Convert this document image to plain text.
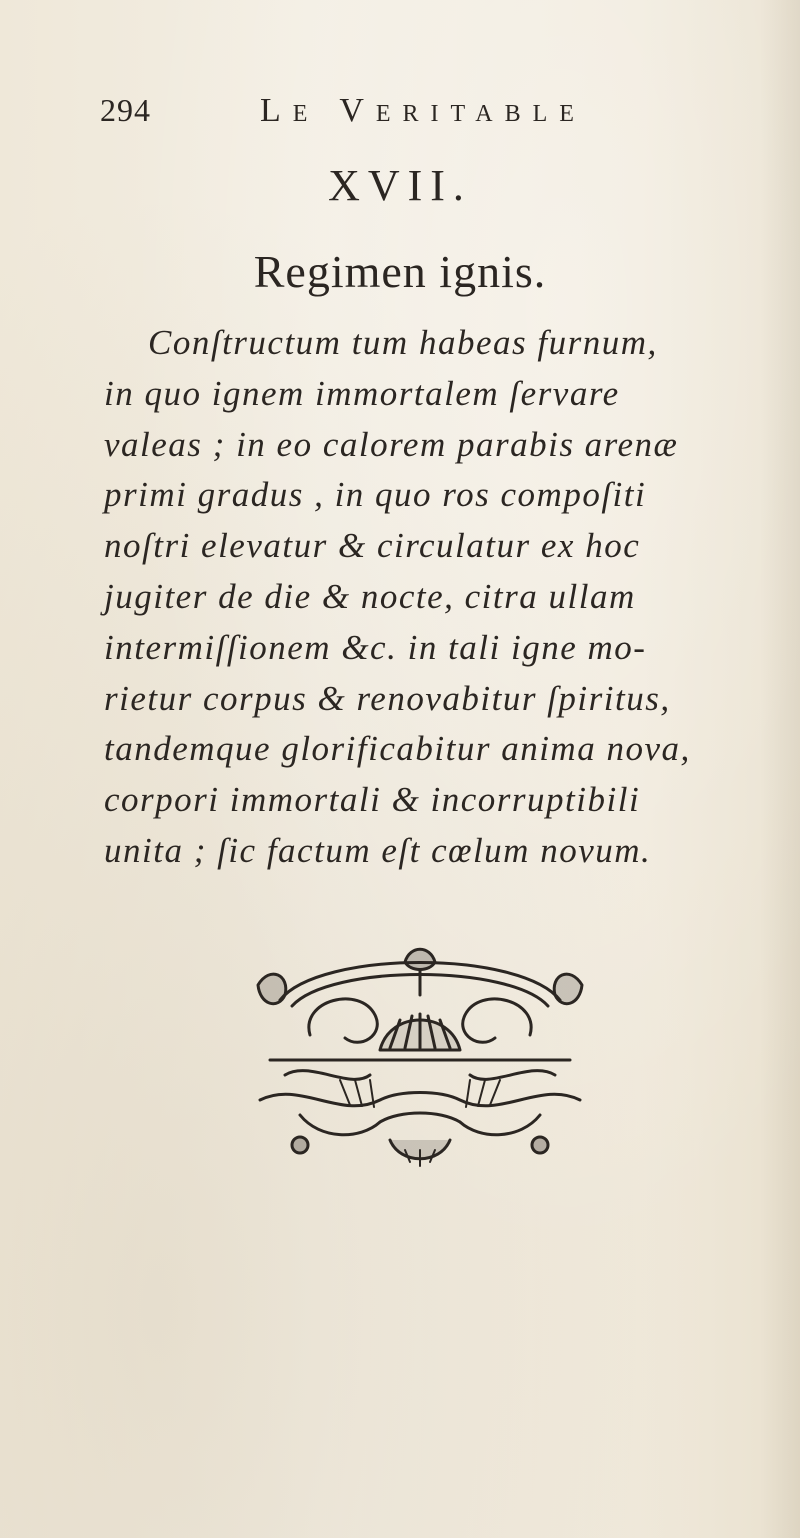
294	Le Veritable
XVII.
Regimen ignis.
Conſtructum tum habeas furnum,
in quo ignem immortalem ſervare
valeas ; in eo calorem parabis arenæ
primi gradus , in quo ros compoſiti
noſtri elevatur & circulatur ex hoc
jugiter de die & nocte, citra ullam
intermiſſionem &c. in tali igne mo-
rietur corpus & renovabitur ſpiritus,
tandemque glorificabitur anima nova,
corpori immortali & incorruptibili
unita ; ſic factum eſt cœlum novum.
